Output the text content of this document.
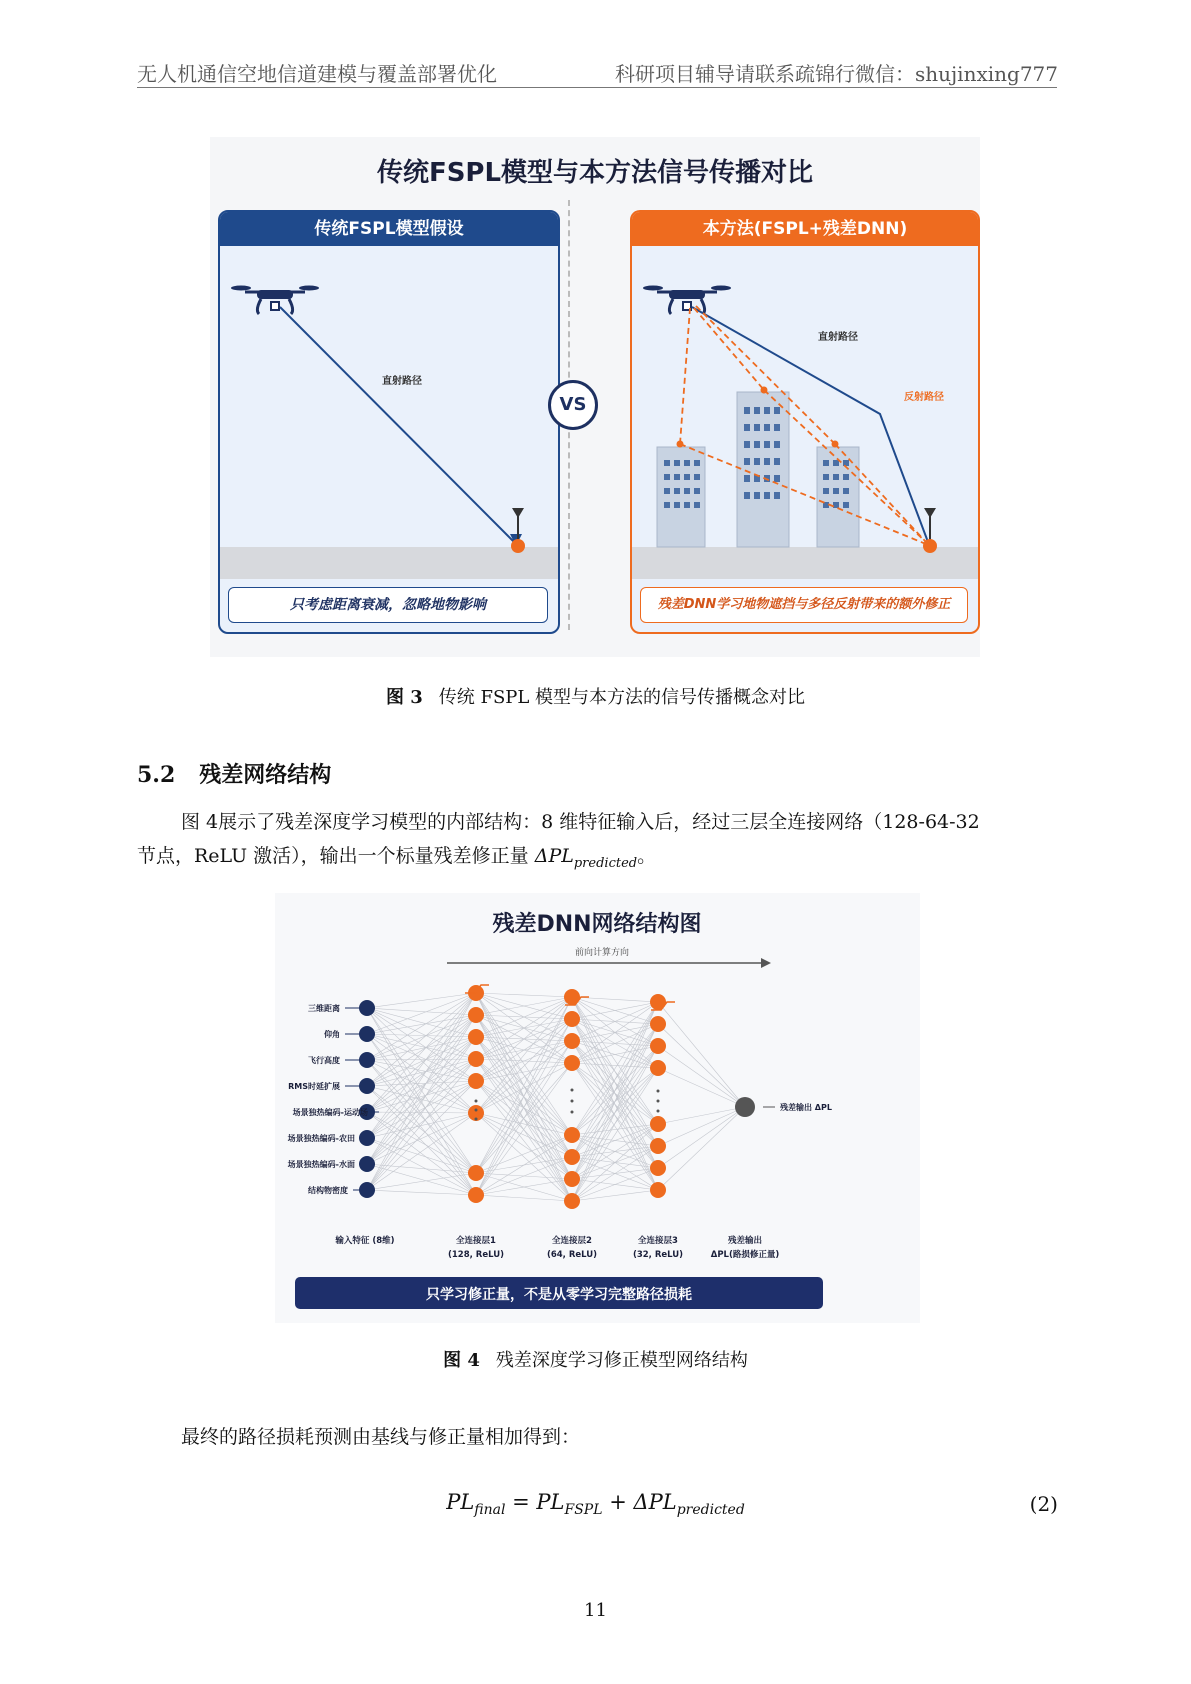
无人机通信空地信道建模与覆盖部署优化	科研项目辅导请联系疏锦行微信：shujinxing777
传统FSPL模型与本方法信号传播对比
传统FSPL模型假设
直射路径
只考虑距离衰减，忽略地物影响
VS
本方法(FSPL+残差DNN)
直射路径
反射路径
残差DNN学习地物遮挡与多径反射带来的额外修正
图 3 传统 FSPL 模型与本方法的信号传播概念对比
5.2 残差网络结构
图 4展示了残差深度学习模型的内部结构：8 维特征输入后，经过三层全连接网络（128-64-32
节点，ReLU 激活），输出一个标量残差修正量 $\Delta PL_{predicted}$。
残差DNN网络结构图
前向计算方向
三维距离
仰角
飞行高度
RMS时延扩展
场景独热编码-运动场
场景独热编码-农田
场景独热编码-水面
结构物密度
残差输出 ΔPL
输入特征 (8维)	全连接层1
(128, ReLU)
全连接层2
(64, ReLU)
全连接层3
(32, ReLU)
残差输出
ΔPL(路损修正量)
只学习修正量，不是从零学习完整路径损耗
图 4 残差深度学习修正模型网络结构
最终的路径损耗预测由基线与修正量相加得到：
$PL_{final} = PL_{FSPL} + \Delta PL_{predicted}$	(2)
11
